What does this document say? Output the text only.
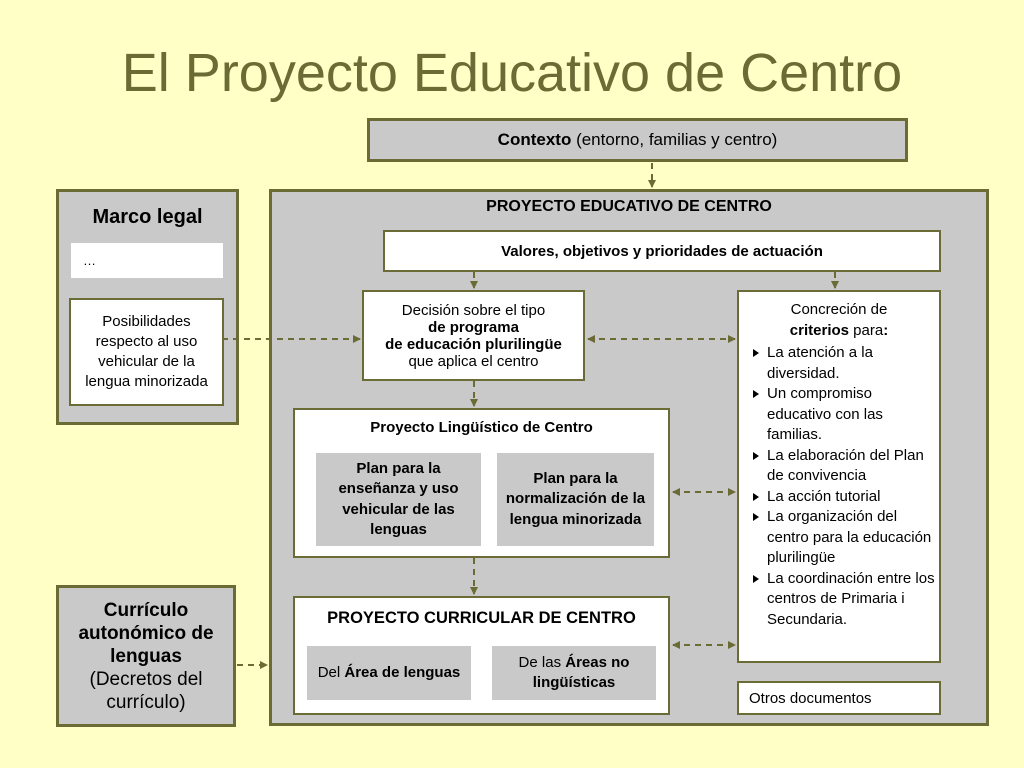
El Proyecto Educativo de Centro
Contexto (entorno, familias y centro)
Marco legal
…
Posibilidades respecto al uso vehicular de la lengua minorizada
Currículo autonómico de lenguas
(Decretos del currículo)
PROYECTO EDUCATIVO DE CENTRO
Valores, objetivos y prioridades de actuación
Decisión sobre el tipo
de programa
de educación plurilingüe
que aplica el centro
Proyecto Lingüístico de Centro
Plan para la enseñanza y uso vehicular de las lenguas
Plan para la normalización de la lengua minorizada
PROYECTO CURRICULAR DE CENTRO
Del Área de lenguas
De las Áreas no lingüísticas
Concreción de
criterios para:
La atención a la diversidad.
Un compromiso educativo con las familias.
La elaboración del Plan de convivencia
La acción tutorial
La organización del centro para la educación plurilingüe
La coordinación entre los centros de Primaria i Secundaria.
Otros documentos
